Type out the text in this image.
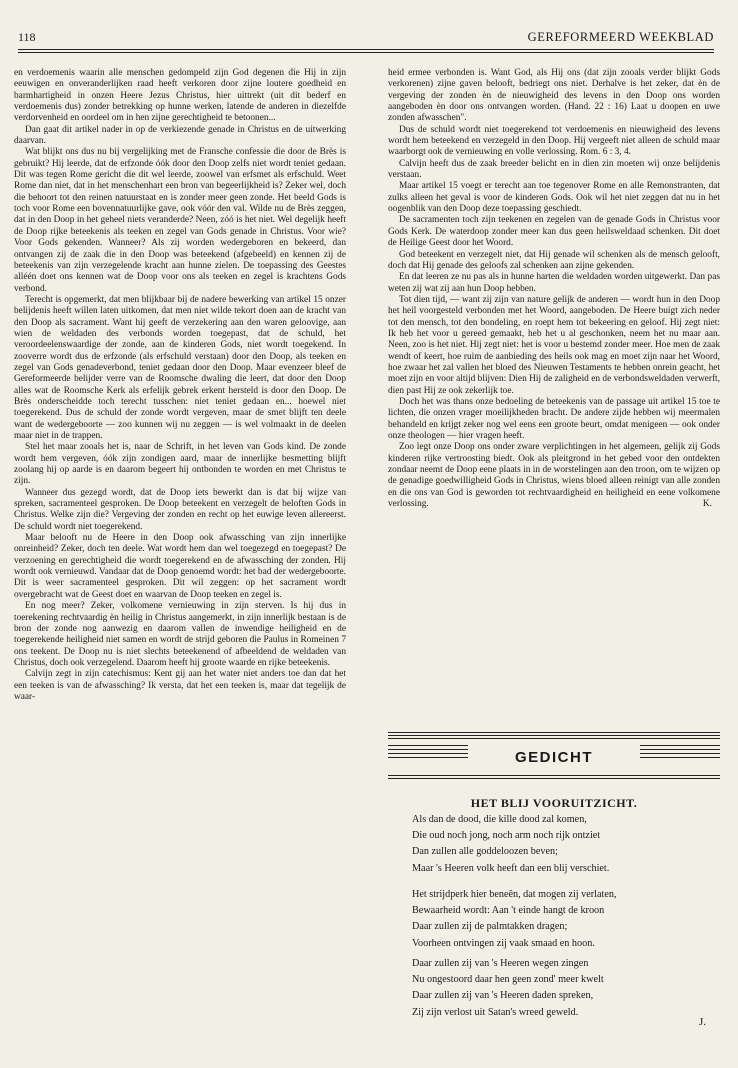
118	GEREFORMEERD WEEKBLAD

en verdoemenis waarin alle menschen gedompeld zijn God degenen die Hij in zijn eeuwigen en onveranderlijken raad heeft verkoren door zijne loutere goedheid en barmhartigheid in onzen Heere Jezus Christus, hier uittrekt (uit dit bederf en verdoemenis dus) zonder betrekking op hunne werken, latende de anderen in diezelfde verdorvenheid en oordeel om in hen zijne gerechtigheid te betoonen...

Dan gaat dit artikel nader in op de verkiezende genade in Christus en de uitwerking daarvan.

Wat blijkt ons dus nu bij vergelijking met de Fransche confessie die door de Brès is gebruikt? Hij leerde, dat de erfzonde óók door den Doop zelfs niet wordt teniet gedaan. Dit was tegen Rome gericht die dit wel leerde, zoowel van erfsmet als erfschuld. Weet Rome dan niet, dat in het menschenhart een bron van begeerlijkheid is? Zeker wel, doch die behoort tot den reinen natuurstaat en is zonder meer geen zonde. Het beeld Gods is toch voor Rome een bovennatuurlijke gave, ook vóór den val. Wilde nu de Brès zeggen, dat in den Doop in het geheel niets veranderde? Neen, zóó is het niet. Wel degelijk heeft de Doop rijke beteekenis als teeken en zegel van Gods genade in Christus. Voor wie? Voor Gods gekenden. Wanneer? Als zij worden wedergeboren en bekeerd, dan ontvangen zij de zaak die in den Doop was beteekend (afgebeeld) en kennen zij de beteekenis van zijn verzegelende kracht aan hunne zielen. De toepassing des Geestes alléén doet ons kennen wat de Doop voor ons als teeken en zegel is krachtens Gods verbond.

Terecht is opgemerkt, dat men blijkbaar bij de nadere bewerking van artikel 15 onzer belijdenis heeft willen laten uitkomen, dat men niet wilde tekort doen aan de kracht van den Doop als sacrament. Want hij geeft de verzekering aan den waren geloovige, aan wien de weldaden des verbonds worden toegepast, dat de schuld, het veroordeelenswaardige der zonde, aan de kinderen Gods, niet wordt toegekend. In zooverre wordt dus de erfzonde (als erfschuld verstaan) door den Doop, als teeken en zegel van Gods genadeverbond, teniet gedaan door den Doop. Maar evenzeer bleef de Gereformeerde belijder verre van de Roomsche dwaling die leert, dat door den Doop alles wat de Roomsche Kerk als erfelijk gebrek erkent hersteld is door den Doop. De Brès onderscheidde toch terecht tusschen: niet teniet gedaan en... hoewel niet toegerekend. Dus de schuld der zonde wordt vergeven, maar de smet blijft ten deele want de wedergeboorte — zoo kunnen wij nu zeggen — is wel volmaakt in de deelen maar niet in de trappen.

Stel het maar zooals het is, naar de Schrift, in het leven van Gods kind. De zonde wordt hem vergeven, óók zijn zondigen aard, maar de innerlijke besmetting blijft zoolang hij op aarde is en daarom begeert hij ontbonden te worden en met Christus te zijn.

Wanneer dus gezegd wordt, dat de Doop iets bewerkt dan is dat bij wijze van spreken, sacramenteel gesproken. De Doop beteekent en verzegelt de beloften Gods in Christus. Welke zijn die? Vergeving der zonden en recht op het euwige leven allereerst. De schuld wordt niet toegerekend.

Maar belooft nu de Heere in den Doop ook afwassching van zijn innerlijke onreinheid? Zeker, doch ten deele. Wat wordt hem dan wel toegezegd en toegepast? De verzoening en gerechtigheid die wordt toegerekend en de afwassching der zonden. Hij wordt ook vernieuwd. Vandaar dat de Doop genoemd wordt: het bad der wedergeboorte. Dit is weer sacramenteel gesproken. Dit wil zeggen: op het sacrament wordt overgebracht wat de Geest doet en waarvan de Doop teeken en zegel is.

En nog meer? Zeker, volkomene vernieuwing in zijn sterven. Is hij dus in toerekening rechtvaardig èn heilig in Christus aangemerkt, in zijn innerlijk bestaan is de bron der zonde nog aanwezig en daarom vallen de inwendige heiligheid en de toegerekende heiligheid niet samen en wordt de strijd geboren die Paulus in Romeinen 7 ons teekent. De Doop nu is niet slechts beteekenend of afbeeldend de weldaden van Christus, doch ook verzegelend. Daarom heeft hij groote waarde en rijke beteekenis.

Calvijn zegt in zijn catechismus: Kent gij aan het water niet anders toe dan dat het een teeken is van de afwassching? Ik versta, dat het een teeken is, maar dat tegelijk de waar-

heid ermee verbonden is. Want God, als Hij ons (dat zijn zooals verder blijkt Gods verkorenen) zijne gaven belooft, bedriegt ons niet. Derhalve is het zeker, dat èn de vergeving der zonden èn de nieuwigheid des levens in den Doop ons worden aangeboden èn door ons ontvangen worden. (Hand. 22 : 16) Laat u doopen en uwe zonden afwasschen".

Dus de schuld wordt niet toegerekend tot verdoemenis en nieuwigheid des levens wordt hem beteekend en verzegeld in den Doop. Hij vergeeft niet alleen de schuld maar waarborgt ook de vernieuwing en volle verlossing. Rom. 6 : 3, 4.

Calvijn heeft dus de zaak breeder belicht en in dien zin moeten wij onze belijdenis verstaan.

Maar artikel 15 voegt er terecht aan toe tegenover Rome en alle Remonstranten, dat zulks alleen het geval is voor de kinderen Gods. Ook wil het niet zeggen dat nu in het oogenblik van den Doop deze toepassing geschiedt.

De sacramenten toch zijn teekenen en zegelen van de genade Gods in Christus voor Gods Kerk. De waterdoop zonder meer kan dus geen heilsweldaad schenken. Dit doet de Heilige Geest door het Woord.

God beteekent en verzegelt niet, dat Hij genade wil schenken als de mensch gelooft, doch dat Hij genade des geloofs zal schenken aan zijne gekenden.

En dat leeren ze nu pas als in hunne harten die weldaden worden uitgewerkt. Dan pas weten zij wat zij aan hun Doop hebben.

Tot dien tijd, — want zij zijn van nature gelijk de anderen — wordt hun in den Doop het heil voorgesteld verbonden met het Woord, aangeboden. De Heere buigt zich neder tot den mensch, tot den bondeling, en roept hem tot bekeering en geloof. Hij zegt niet: Ik heb het voor u gereed gemaakt, heb het u al geschonken, neem het nu maar aan. Neen, zoo is het niet. Hij zegt niet: het is voor u bestemd zonder meer. Hoe men de zaak wendt of keert, hoe ruim de aanbieding des heils ook mag en moet zijn naar het Woord, hoe zwaar het zal vallen het bloed des Nieuwen Testaments te hebben onrein geacht, het moet zijn en voor altijd blijven: Dien Hij de zaligheid en de verbondsweldaden verwerft, dien past Hij ze ook zekerlijk toe.

Doch het was thans onze bedoeling de beteekenis van de passage uit artikel 15 toe te lichten, die onzen vrager moeilijkheden bracht. De andere zijde hebben wij meermalen behandeld en krijgt zeker nog wel eens een groote beurt, omdat menigeen — ook onder onze theologen — hier vragen heeft.

Zoo legt onze Doop ons onder zware verplichtingen in het algemeen, gelijk zij Gods kinderen rijke vertroosting biedt. Ook als pleitgrond in het gebed voor den ontdekten zondaar neemt de Doop eene plaats in in de worstelingen aan den troon, om te wijzen op de genadige goedwilligheid Gods in Christus, wiens bloed alleen reinigt van alle zonden en die ons van God is geworden tot rechtvaardigheid en heiligheid en eene volkomene verlossing.	K.
GEDICHT
HET BLIJ VOORUITZICHT.
Als dan de dood, die kille dood zal komen,
Die oud noch jong, noch arm noch rijk ontziet
Dan zullen alle goddeloozen beven;
Maar 's Heeren volk heeft dan een blij verschiet.
Het strijdperk hier beneên, dat mogen zij verlaten,
Bewaarheid wordt: Aan 't einde hangt de kroon
Daar zullen zij de palmtakken dragen;
Voorheen ontvingen zij vaak smaad en hoon.
Daar zullen zij van 's Heeren wegen zingen
Nu ongestoord daar hen geen zond' meer kwelt
Daar zullen zij van 's Heeren daden spreken,
Zij zijn verlost uit Satan's wreed geweld.
J.
